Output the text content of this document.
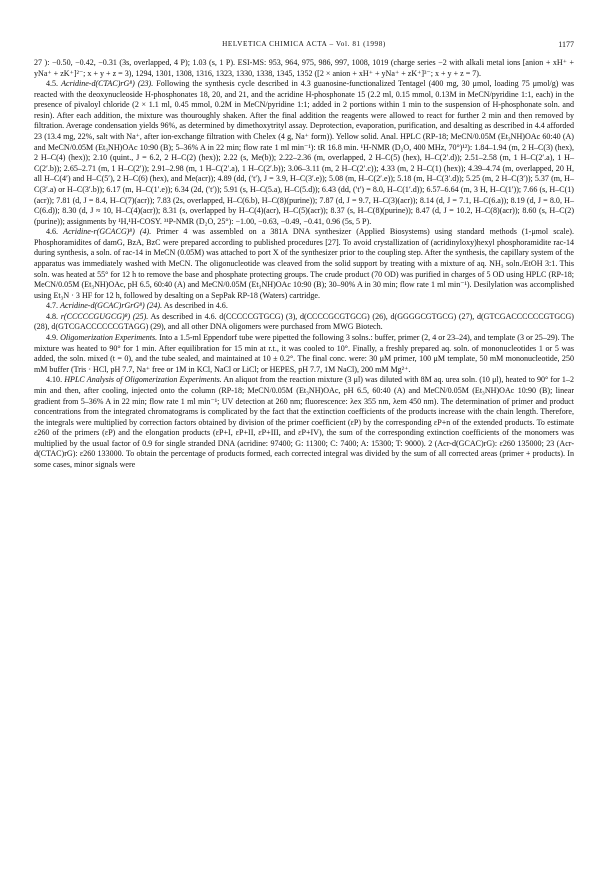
HELVETICA CHIMICA ACTA – Vol. 81 (1998)	1177

27 ): −0.50, −0.42, −0.31 (3s, overlapped, 4 P); 1.03 (s, 1 P). ESI-MS: 953, 964, 975, 986, 997, 1008, 1019 (charge series −2 with alkali metal ions [anion + xH⁺ + yNa⁺ + zK⁺]²⁻; x + y + z = 3), 1294, 1301, 1308, 1316, 1323, 1330, 1338, 1345, 1352 ([2 × anion + xH⁺ + yNa⁺ + zK⁺]³⁻; x + y + z = 7).

4.5. Acridine-d(CTAC)rG⁸) (23). Following the synthesis cycle described in 4.3 guanosine-functionalized Tentagel (400 mg, 30 μmol, loading 75 μmol/g) was reacted with the deoxynucleoside H-phosphonates 18, 20, and 21, and the acridine H-phosphonate 15 (2.2 ml, 0.15 mmol, 0.13M in MeCN/pyridine 1:1, each) in the presence of pivaloyl chloride (2 × 1.1 ml, 0.45 mmol, 0.2M in MeCN/pyridine 1:1; added in 2 portions within 1 min to the suspension of H-phosphonate soln. and resin). After each addition, the mixture was thouroughly shaken. After the final addition the reagents were allowed to react for further 2 min and then removed by filtration. Average condensation yields 96%, as determined by dimethoxytrityl assay. Deprotection, evaporation, purification, and desalting as described in 4.4 afforded 23 (13.4 mg, 22%, salt with Na⁺, after ion-exchange filtration with Chelex (4 g, Na⁺ form)). Yellow solid. Anal. HPLC (RP-18; MeCN/0.05M (Et₃NH)OAc 60:40 (A) and MeCN/0.05M (Et₃NH)OAc 10:90 (B); 5–36% A in 22 min; flow rate 1 ml min⁻¹): tR 16.8 min. ¹H-NMR (D₂O, 400 MHz, 70°)¹²): 1.84–1.94 (m, 2 H–C(3) (hex), 2 H–C(4) (hex)); 2.10 (quint., J = 6.2, 2 H–C(2) (hex)); 2.22 (s, Me(b)); 2.22–2.36 (m, overlapped, 2 H–C(5) (hex), H–C(2′.d)); 2.51–2.58 (m, 1 H–C(2′.a), 1 H–C(2′.b)); 2.65–2.71 (m, 1 H–C(2′)); 2.91–2.98 (m, 1 H–C(2′.a), 1 H–C(2′.b)); 3.06–3.11 (m, 2 H–C(2′.c)); 4.33 (m, 2 H–C(1) (hex)); 4.39–4.74 (m, overlapped, 20 H, all H–C(4′) and H–C(5′), 2 H–C(6) (hex), and Me(acr)); 4.89 (dd, (′t′), J = 3.9, H–C(3′.e)); 5.08 (m, H–C(2′.e)); 5.18 (m, H–C(3′.d)); 5.25 (m, 2 H–C(3′)); 5.37 (m, H–C(3′.a) or H–C(3′.b)); 6.17 (m, H–C(1′.e)); 6.34 (2d, (′t′)); 5.91 (s, H–C(5.a), H–C(5.d)); 6.43 (dd, (′t′) = 8.0, H–C(1′.d)); 6.57–6.64 (m, 3 H, H–C(1′)); 7.66 (s, H–C(1)(acr)); 7.81 (d, J = 8.4, H–C(7)(acr)); 7.83 (2s, overlapped, H–C(6.b), H–C(8)(purine)); 7.87 (d, J = 9.7, H–C(3)(acr)); 8.14 (d, J = 7.1, H–C(6.a)); 8.19 (d, J = 8.0, H–C(6.d)); 8.30 (d, J ≈ 10, H–C(4)(acr)); 8.31 (s, overlapped by H–C(4)(acr), H–C(5)(acr)); 8.37 (s, H–C(8)(purine)); 8.47 (d, J = 10.2, H–C(8)(acr)); 8.60 (s, H–C(2)(purine)); assignments by ¹H,¹H-COSY. ³¹P-NMR (D₂O, 25°): −1.00, −0.63, −0.49, −0.41, 0.96 (5s, 5 P).

4.6. Acridine-r(GCACG)⁸) (4). Primer 4 was assembled on a 381A DNA synthesizer (Applied Biosystems) using standard methods (1-μmol scale). Phosphoramidites of damG, BzA, BzC were prepared according to published procedures [27]. To avoid crystallization of (acridinyloxy)hexyl phosphoramidite rac-14 during synthesis, a soln. of rac-14 in MeCN (0.05M) was attached to port X of the synthesizer prior to the coupling step. After the synthesis, the capillary system of the apparatus was immediately washed with MeCN. The oligonucleotide was cleaved from the solid support by treating with a mixture of aq. NH₃ soln./EtOH 3:1. This soln. was heated at 55° for 12 h to remove the base and phosphate protecting groups. The crude product (70 OD) was purified in charges of 5 OD using HPLC (RP-18; MeCN/0.05M (Et₃NH)OAc, pH 6.5, 60:40 (A) and MeCN/0.05M (Et₃NH)OAc 10:90 (B); 30–90% A in 30 min; flow rate 1 ml min⁻¹). Desilylation was accomplished using Et₃N · 3 HF for 12 h, followed by desalting on a SepPak RP-18 (Waters) cartridge.

4.7. Acridine-d(GCAC)rGrG⁸) (24). As described in 4.6.

4.8. r(CCCCCGUGCG)⁸) (25). As described in 4.6. d(CCCCCGTGCG) (3), d(CCCCGCGTGCG) (26), d(GGGGCGTGCG) (27), d(GTCGACCCCCCGTGCG) (28), d(GTCGACCCCCCGTAGG) (29), and all other DNA oligomers were purchased from MWG Biotech.

4.9. Oligomerization Experiments. Into a 1.5-ml Eppendorf tube were pipetted the following 3 solns.: buffer, primer (2, 4 or 23–24), and template (3 or 25–29). The mixture was heated to 90° for 1 min. After equilibration for 15 min at r.t., it was cooled to 10°. Finally, a freshly prepared aq. soln. of mononucleotides 1 or 5 was added, the soln. mixed (t = 0), and the tube sealed, and maintained at 10 ± 0.2°. The final conc. were: 30 μM primer, 100 μM template, 50 mM mononucleotide, 250 mM buffer (Tris · HCl, pH 7.7, Na⁺ free or 1M in KCl, NaCl or LiCl; or HEPES, pH 7.7, 1M NaCl), 200 mM Mg²⁺.

4.10. HPLC Analysis of Oligomerization Experiments. An aliquot from the reaction mixture (3 μl) was diluted with 8M aq. urea soln. (10 μl), heated to 90° for 1–2 min and then, after cooling, injected onto the column (RP-18; MeCN/0.05M (Et₃NH)OAc, pH 6.5, 60:40 (A) and MeCN/0.05M (Et₃NH)OAc 10:90 (B); linear gradient from 5–36% A in 22 min; flow rate 1 ml min⁻¹; UV detection at 260 nm; fluorescence: λex 355 nm, λem 450 nm). The determination of primer and product concentrations from the integrated chromatograms is complicated by the fact that the extinction coefficients of the products increase with the chain length. Therefore, the integrals were multiplied by correction factors obtained by division of the primer coefficient (εP) by the corresponding εP+n of the extended products. To estimate ε260 of the primers (εP) and the elongation products (εP+I, εP+II, εP+III, and εP+IV), the sum of the corresponding extinction coefficients of the monomers was multiplied by the usual factor of 0.9 for single stranded DNA (acridine: 97400; G: 11300; C: 7400; A: 15300; T: 9000). 2 (Acr-d(GCAC)rG): ε260 135000; 23 (Acr-d(CTAC)rG): ε260 133000. To obtain the percentage of products formed, each corrected integral was divided by the sum of all corrected areas (primer + products). In some cases, minor signals were
